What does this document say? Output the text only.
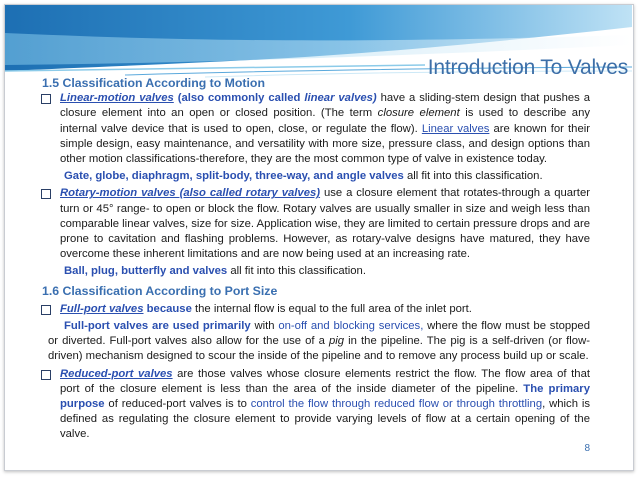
Introduction To Valves

1.5 Classification According to Motion

Linear-motion valves (also commonly called linear valves) have a sliding-stem design that pushes a closure element into an open or closed position. (The term closure element is used to describe any internal valve device that is used to open, close, or regulate the flow). Linear valves are known for their simple design, easy maintenance, and versatility with more size, pressure class, and design options than other motion classifications-therefore, they are the most common type of valve in existence today.

Gate, globe, diaphragm, split-body, three-way, and angle valves all fit into this classification.

Rotary-motion valves (also called rotary valves) use a closure element that rotates-through a quarter turn or 45° range- to open or block the flow. Rotary valves are usually smaller in size and weigh less than comparable linear valves, size for size. Application wise, they are limited to certain pressure drops and are prone to cavitation and flashing problems. However, as rotary-valve designs have matured, they have overcome these inherent limitations and are now being used at an increasing rate.

Ball, plug, butterfly and valves all fit into this classification.

1.6 Classification According to Port Size

Full-port valves because the internal flow is equal to the full area of the inlet port.

Full-port valves are used primarily with on-off and blocking services, where the flow must be stopped or diverted. Full-port valves also allow for the use of a pig in the pipeline. The pig is a self-driven (or flow-driven) mechanism designed to scour the inside of the pipeline and to remove any process build up or scale.

Reduced-port valves are those valves whose closure elements restrict the flow. The flow area of that port of the closure element is less than the area of the inside diameter of the pipeline. The primary purpose of reduced-port valves is to control the flow through reduced flow or through throttling, which is defined as regulating the closure element to provide varying levels of flow at a certain opening of the valve.

8
